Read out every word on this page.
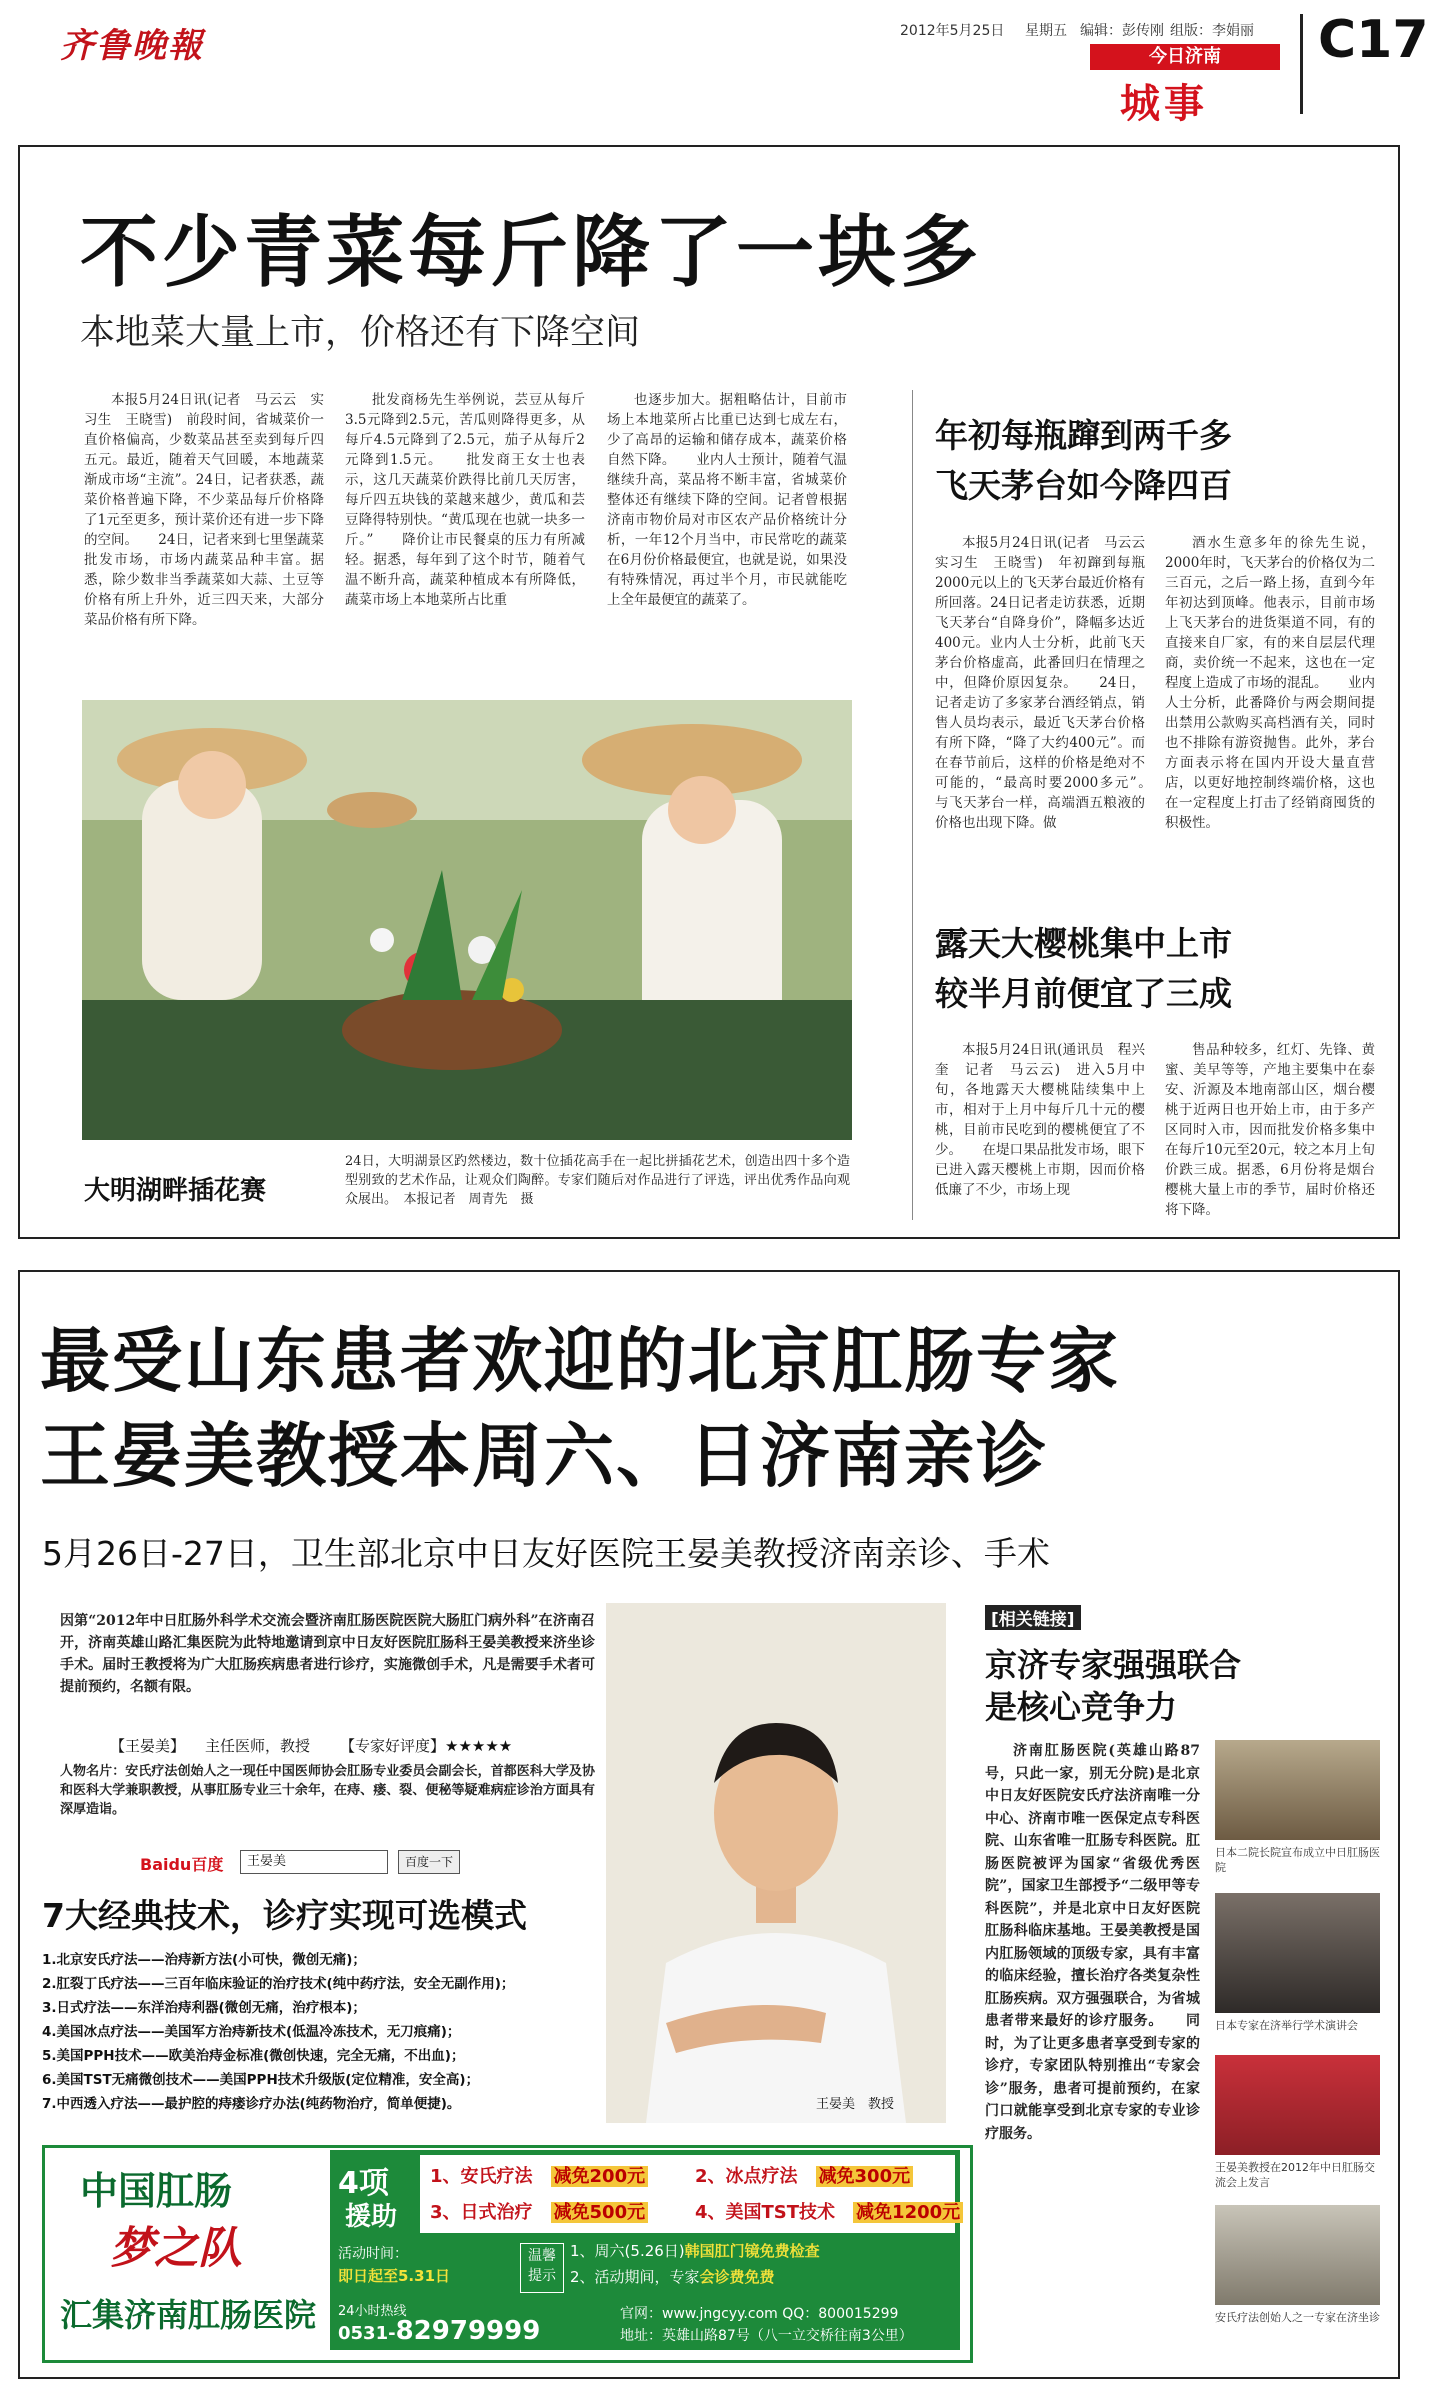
齐鲁晚報	2012年5月25日 星期五 编辑：彭传刚 组版：李娟丽
今日济南
城事
C17
不少青菜每斤降了一块多
本地菜大量上市，价格还有下降空间

本报5月24日讯(记者　马云云　实习生　王晓雪)　前段时间，省城菜价一直价格偏高，少数菜品甚至卖到每斤四五元。最近，随着天气回暖，本地蔬菜渐成市场“主流”。24日，记者获悉，蔬菜价格普遍下降，不少菜品每斤价格降了1元至更多，预计菜价还有进一步下降的空间。　　24日，记者来到七里堡蔬菜批发市场，市场内蔬菜品种丰富。据悉，除少数非当季蔬菜如大蒜、土豆等价格有所上升外，近三四天来，大部分菜品价格有所下降。

批发商杨先生举例说，芸豆从每斤3.5元降到2.5元，苦瓜则降得更多，从每斤4.5元降到了2.5元，茄子从每斤2元降到1.5元。　　批发商王女士也表示，这几天蔬菜价跌得比前几天厉害，每斤四五块钱的菜越来越少，黄瓜和芸豆降得特别快。“黄瓜现在也就一块多一斤。”　　降价让市民餐桌的压力有所减轻。据悉，每年到了这个时节，随着气温不断升高，蔬菜种植成本有所降低，蔬菜市场上本地菜所占比重

也逐步加大。据粗略估计，目前市场上本地菜所占比重已达到七成左右，少了高昂的运输和储存成本，蔬菜价格自然下降。　　业内人士预计，随着气温继续升高，菜品将不断丰富，省城菜价整体还有继续下降的空间。记者曾根据济南市物价局对市区农产品价格统计分析，一年12个月当中，市民常吃的蔬菜在6月份价格最便宜，也就是说，如果没有特殊情况，再过半个月，市民就能吃上全年最便宜的蔬菜了。

大明湖畔插花赛
24日，大明湖景区趵然楼边，数十位插花高手在一起比拼插花艺术，创造出四十多个造型别致的艺术作品，让观众们陶醉。专家们随后对作品进行了评选，评出优秀作品向观众展出。　本报记者　周青先　摄
年初每瓶蹿到两千多
飞天茅台如今降四百

本报5月24日讯(记者　马云云　实习生　王晓雪)　年初蹿到每瓶2000元以上的飞天茅台最近价格有所回落。24日记者走访获悉，近期飞天茅台“自降身价”，降幅多达近400元。业内人士分析，此前飞天茅台价格虚高，此番回归在情理之中，但降价原因复杂。　　24日，记者走访了多家茅台酒经销点，销售人员均表示，最近飞天茅台价格有所下降，“降了大约400元”。而在春节前后，这样的价格是绝对不可能的，“最高时要2000多元”。　　与飞天茅台一样，高端酒五粮液的价格也出现下降。做

酒水生意多年的徐先生说，2000年时，飞天茅台的价格仅为二三百元，之后一路上扬，直到今年年初达到顶峰。他表示，目前市场上飞天茅台的进货渠道不同，有的直接来自厂家，有的来自层层代理商，卖价统一不起来，这也在一定程度上造成了市场的混乱。　　业内人士分析，此番降价与两会期间提出禁用公款购买高档酒有关，同时也不排除有游资抛售。此外，茅台方面表示将在国内开设大量直营店，以更好地控制终端价格，这也在一定程度上打击了经销商囤货的积极性。

露天大樱桃集中上市
较半月前便宜了三成

本报5月24日讯(通讯员　程兴奎　记者　马云云)　进入5月中旬，各地露天大樱桃陆续集中上市，相对于上月中每斤几十元的樱桃，目前市民吃到的樱桃便宜了不少。　　在堤口果品批发市场，眼下已进入露天樱桃上市期，因而价格低廉了不少，市场上现

售品种较多，红灯、先锋、黄蜜、美早等等，产地主要集中在泰安、沂源及本地南部山区，烟台樱桃于近两日也开始上市，由于多产区同时入市，因而批发价格多集中在每斤10元至20元，较之本月上旬价跌三成。据悉，6月份将是烟台樱桃大量上市的季节，届时价格还将下降。

最受山东患者欢迎的北京肛肠专家
王晏美教授本周六、日济南亲诊
5月26日-27日，卫生部北京中日友好医院王晏美教授济南亲诊、手术
因第“2012年中日肛肠外科学术交流会暨济南肛肠医院医院大肠肛门病外科”在济南召开，济南英雄山路汇集医院为此特地邀请到京中日友好医院肛肠科王晏美教授来济坐诊手术。届时王教授将为广大肛肠疾病患者进行诊疗，实施微创手术，凡是需要手术者可提前预约，名额有限。
【王晏美】 主任医师，教授 【专家好评度】★★★★★
人物名片：安氏疗法创始人之一现任中国医师协会肛肠专业委员会副会长，首都医科大学及协和医科大学兼职教授，从事肛肠专业三十余年，在痔、瘘、裂、便秘等疑难病症诊治方面具有深厚造诣。
Baidu百度	王晏美	百度一下
7大经典技术，诊疗实现可选模式
1.北京安氏疗法——治痔新方法(小可快，微创无痛)；
2.肛裂丁氏疗法——三百年临床验证的治疗技术(纯中药疗法，安全无副作用)；
3.日式疗法——东洋治痔利器(微创无痛，治疗根本)；
4.美国冰点疗法——美国军方治痔新技术(低温冷冻技术，无刀痕痛)；
5.美国PPH技术——欧美治痔金标准(微创快速，完全无痛，不出血)；
6.美国TST无痛微创技术——美国PPH技术升级版(定位精准，安全高)；
7.中西透入疗法——最护腔的痔瘘诊疗办法(纯药物治疗，简单便捷)。	王晏美　教授
[相关链接]
京济专家强强联合
是核心竞争力

济南肛肠医院(英雄山路87号，只此一家，别无分院)是北京中日友好医院安氏疗法济南唯一分中心、济南市唯一医保定点专科医院、山东省唯一肛肠专科医院。肛肠医院被评为国家“省级优秀医院”，国家卫生部授予“二级甲等专科医院”，并是北京中日友好医院肛肠科临床基地。王晏美教授是国内肛肠领域的顶级专家，具有丰富的临床经验，擅长治疗各类复杂性肛肠疾病。双方强强联合，为省城患者带来最好的诊疗服务。　　同时，为了让更多患者享受到专家的诊疗，专家团队特别推出“专家会诊”服务，患者可提前预约，在家门口就能享受到北京专家的专业诊疗服务。

日本二院长院宣布成立中日肛肠医院
日本专家在济举行学术演讲会
王晏美教授在2012年中日肛肠交流会上发言
安氏疗法创始人之一专家在济坐诊
中国肛肠
梦之队
汇集济南肛肠医院
4项
援助
1、安氏疗法　 减免200元	2、冰点疗法　 减免300元
3、日式治疗　 减免500元	4、美国TST技术　 减免1200元
活动时间：
即日起至5.31日
温馨提示
1、周六(5.26日)韩国肛门镜免费检查
2、活动期间，专家会诊费免费
24小时热线
0531-82979999
官网：www.jngcyy.com QQ：800015299
地址：英雄山路87号（八一立交桥往南3公里）
